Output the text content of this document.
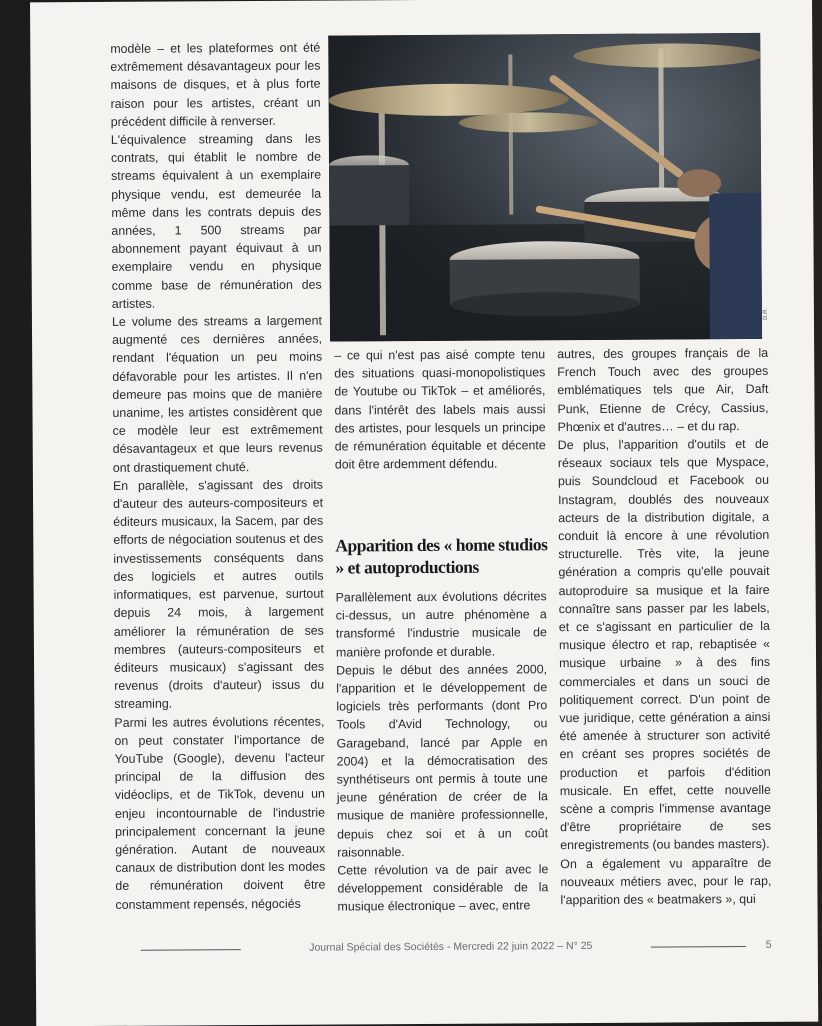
modèle – et les plateformes ont été extrêmement désavantageux pour les maisons de disques, et à plus forte raison pour les artistes, créant un précédent difficile à renverser.

L'équivalence streaming dans les contrats, qui établit le nombre de streams équivalent à un exemplaire physique vendu, est demeurée la même dans les contrats depuis des années, 1 500 streams par abonnement payant équivaut à un exemplaire vendu en physique comme base de rémunération des artistes.

Le volume des streams a largement augmenté ces dernières années, rendant l'équation un peu moins défavorable pour les artistes. Il n'en demeure pas moins que de manière unanime, les artistes considèrent que ce modèle leur est extrêmement désavantageux et que leurs revenus ont drastiquement chuté.

En parallèle, s'agissant des droits d'auteur des auteurs-compositeurs et éditeurs musicaux, la Sacem, par des efforts de négociation soutenus et des investissements conséquents dans des logiciels et autres outils informatiques, est parvenue, surtout depuis 24 mois, à largement améliorer la rémunération de ses membres (auteurs-compositeurs et éditeurs musicaux) s'agissant des revenus (droits d'auteur) issus du streaming.

Parmi les autres évolutions récentes, on peut constater l'importance de YouTube (Google), devenu l'acteur principal de la diffusion des vidéoclips, et de TikTok, devenu un enjeu incontournable de l'industrie principalement concernant la jeune génération. Autant de nouveaux canaux de distribution dont les modes de rémunération doivent être constamment repensés, négociés

D.R.

– ce qui n'est pas aisé compte tenu des situations quasi-monopolistiques de Youtube ou TikTok – et améliorés, dans l'intérêt des labels mais aussi des artistes, pour lesquels un principe de rémunération équitable et décente doit être ardemment défendu.

Apparition des « home studios » et autoproductions

Parallèlement aux évolutions décrites ci-dessus, un autre phénomène a transformé l'industrie musicale de manière profonde et durable.

Depuis le début des années 2000, l'apparition et le développement de logiciels très performants (dont Pro Tools d'Avid Technology, ou Garageband, lancé par Apple en 2004) et la démocratisation des synthétiseurs ont permis à toute une jeune génération de créer de la musique de manière professionnelle, depuis chez soi et à un coût raisonnable.

Cette révolution va de pair avec le développement considérable de la musique électronique – avec, entre

autres, des groupes français de la French Touch avec des groupes emblématiques tels que Air, Daft Punk, Etienne de Crécy, Cassius, Phœnix et d'autres… – et du rap.

De plus, l'apparition d'outils et de réseaux sociaux tels que Myspace, puis Soundcloud et Facebook ou Instagram, doublés des nouveaux acteurs de la distribution digitale, a conduit là encore à une révolution structurelle. Très vite, la jeune génération a compris qu'elle pouvait autoproduire sa musique et la faire connaître sans passer par les labels, et ce s'agissant en particulier de la musique électro et rap, rebaptisée « musique urbaine » à des fins commerciales et dans un souci de politiquement correct. D'un point de vue juridique, cette génération a ainsi été amenée à structurer son activité en créant ses propres sociétés de production et parfois d'édition musicale. En effet, cette nouvelle scène a compris l'immense avantage d'être propriétaire de ses enregistrements (ou bandes masters).

On a également vu apparaître de nouveaux métiers avec, pour le rap, l'apparition des « beatmakers », qui

Journal Spécial des Sociétés - Mercredi 22 juin 2022 – N° 25	5
